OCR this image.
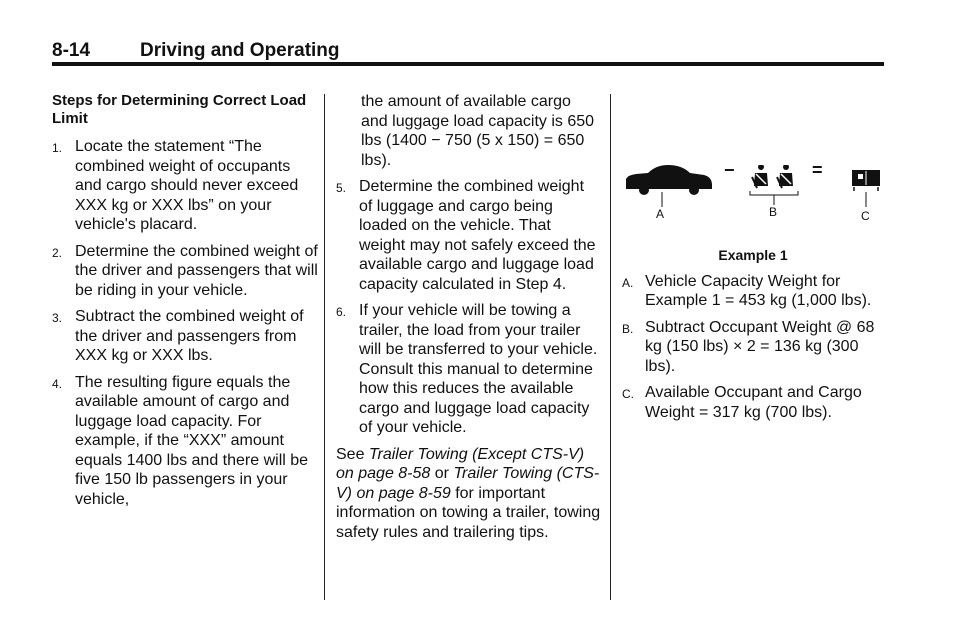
8-14	Driving and Operating
Steps for Determining Correct Load Limit
1. Locate the statement “The combined weight of occupants and cargo should never exceed XXX kg or XXX lbs” on your vehicle's placard.
2. Determine the combined weight of the driver and passengers that will be riding in your vehicle.
3. Subtract the combined weight of the driver and passengers from XXX kg or XXX lbs.
4. The resulting figure equals the available amount of cargo and luggage load capacity. For example, if the “XXX” amount equals 1400 lbs and there will be five 150 lb passengers in your vehicle,
the amount of available cargo and luggage load capacity is 650 lbs (1400 − 750 (5 x 150) = 650 lbs).
5. Determine the combined weight of luggage and cargo being loaded on the vehicle. That weight may not safely exceed the available cargo and luggage load capacity calculated in Step 4.
6. If your vehicle will be towing a trailer, the load from your trailer will be transferred to your vehicle. Consult this manual to determine how this reduces the available cargo and luggage load capacity of your vehicle.

See Trailer Towing (Except CTS-V) on page 8-58 or Trailer Towing (CTS-V) on page 8-59 for important information on towing a trailer, towing safety rules and trailering tips.

−	=
A	B	C
Example 1
A. Vehicle Capacity Weight for Example 1 = 453 kg (1,000 lbs).
B. Subtract Occupant Weight @ 68 kg (150 lbs) × 2 = 136 kg (300 lbs).
C. Available Occupant and Cargo Weight = 317 kg (700 lbs).
